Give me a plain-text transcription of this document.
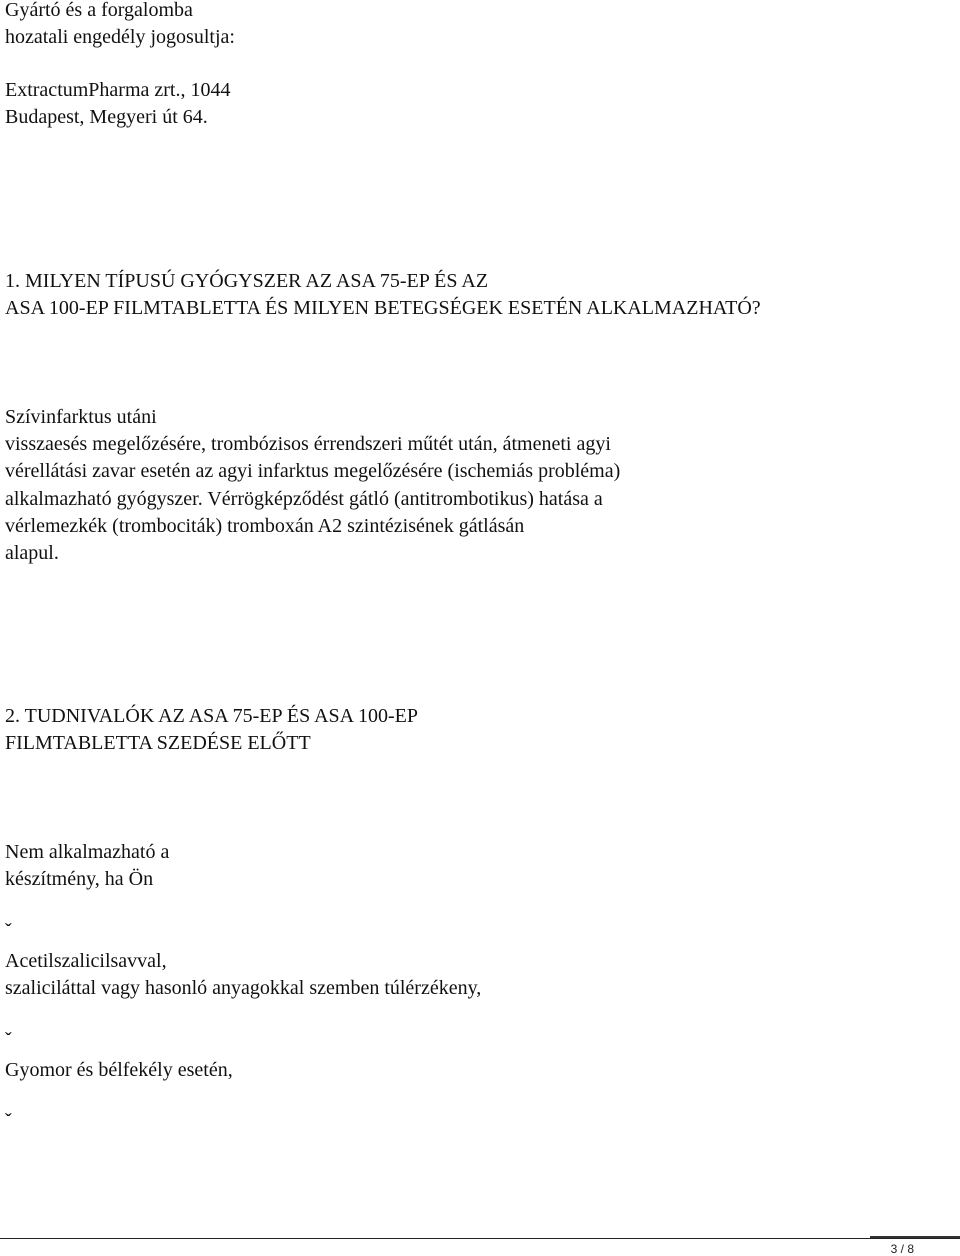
Gyártó és a forgalomba
hozatali engedély jogosultja:
ExtractumPharma zrt., 1044
Budapest, Megyeri út 64.
1. MILYEN TÍPUSÚ GYÓGYSZER AZ ASA 75-EP ÉS AZ
ASA 100-EP FILMTABLETTA ÉS MILYEN BETEGSÉGEK ESETÉN ALKALMAZHATÓ?
Szívinfarktus utáni
visszaesés megelőzésére, trombózisos érrendszeri műtét után, átmeneti agyi
vérellátási zavar esetén az agyi infarktus megelőzésére (ischemiás probléma)
alkalmazható gyógyszer. Vérrögképződést gátló (antitrombotikus) hatása a
vérlemezkék (trombociták) tromboxán A2 szintézisének gátlásán
alapul.
2. TUDNIVALÓK AZ ASA 75-EP ÉS ASA 100-EP
FILMTABLETTA SZEDÉSE ELŐTT
Nem alkalmazható a
készítmény, ha Ön
ˇ
Acetilszalicilsavval,
szaliciláttal vagy hasonló anyagokkal szemben túlérzékeny,
ˇ
Gyomor és bélfekély esetén,
ˇ
3 / 8
